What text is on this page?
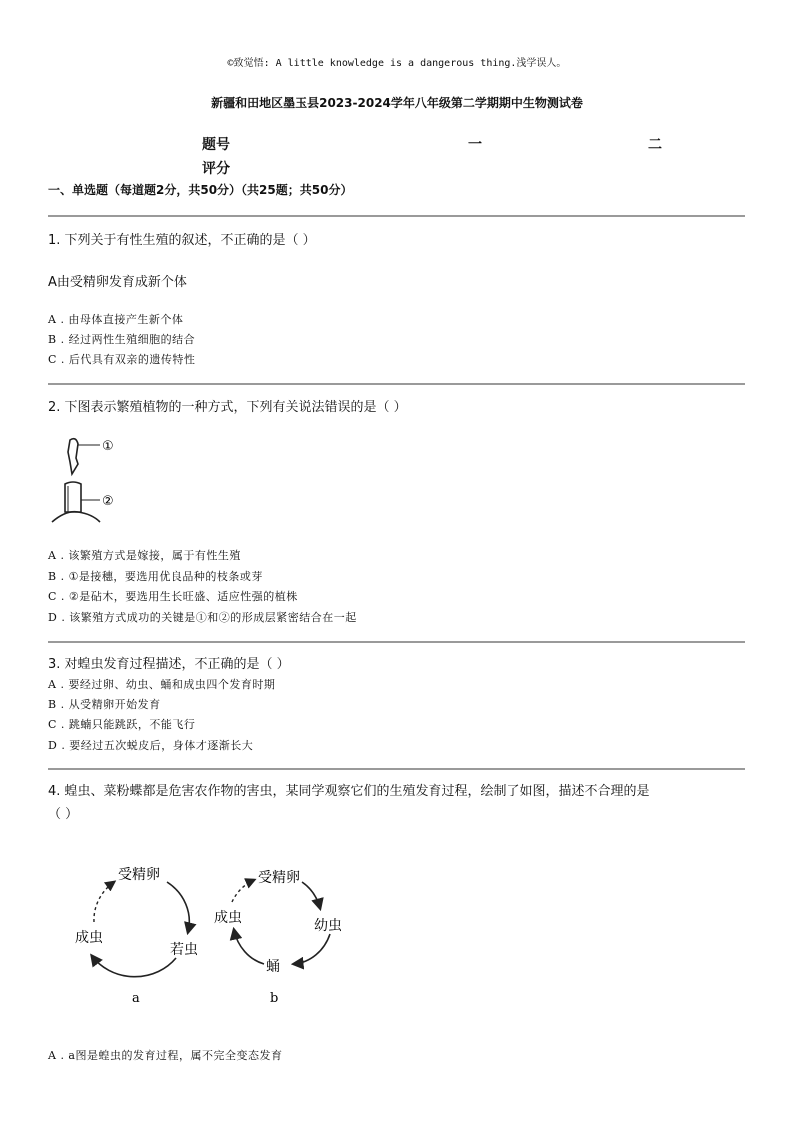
©致觉悟: A little knowledge is a dangerous thing.浅学误人。
新疆和田地区墨玉县2023-2024学年八年级第二学期期中生物测试卷
题号	一	二
评分
一、单选题（每道题2分，共50分）（共25题；共50分）
1. 下列关于有性生殖的叙述，不正确的是（ ）
A由受精卵发育成新个体
A . 由母体直接产生新个体
B . 经过两性生殖细胞的结合
C . 后代具有双亲的遗传特性
2. 下图表示繁殖植物的一种方式，下列有关说法错误的是（ ）
①
②
A . 该繁殖方式是嫁接，属于有性生殖
B . ①是接穗，要选用优良品种的枝条或芽
C . ②是砧木，要选用生长旺盛、适应性强的植株
D . 该繁殖方式成功的关键是①和②的形成层紧密结合在一起
3. 对蝗虫发育过程描述，不正确的是（ ）
A . 要经过卵、幼虫、蛹和成虫四个发育时期
B . 从受精卵开始发育
C . 跳蝻只能跳跃，不能飞行
D . 要经过五次蜕皮后，身体才逐渐长大
4. 蝗虫、菜粉蝶都是危害农作物的害虫，某同学观察它们的生殖发育过程，绘制了如图，描述不合理的是
（ ）
受精卵
成虫
若虫
a
受精卵
成虫	幼虫
蛹
b
A . a图是蝗虫的发育过程，属不完全变态发育
